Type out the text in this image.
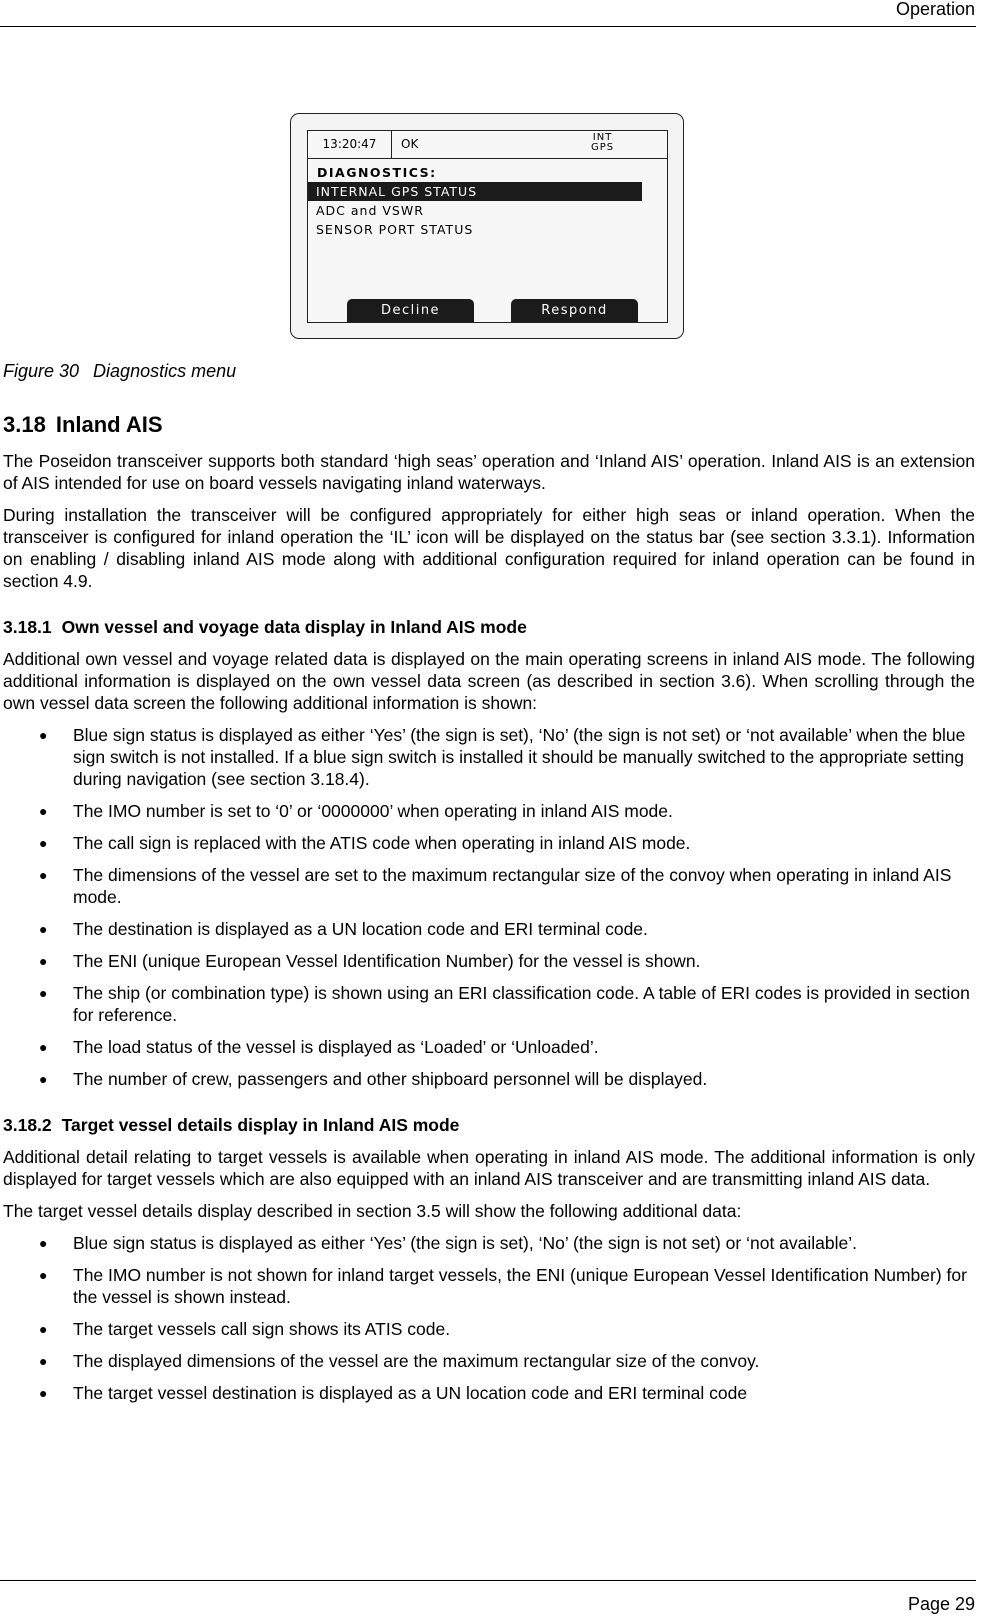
Operation
13:20:47	OK	INT
GPS
DIAGNOSTICS:
INTERNAL GPS STATUS
ADC and VSWR
SENSOR PORT STATUS
Decline	Respond
Figure 30 Diagnostics menu
3.18 Inland AIS

The Poseidon transceiver supports both standard ‘high seas’ operation and ‘Inland AIS’ operation. Inland AIS is an extension of AIS intended for use on board vessels navigating inland waterways.

During installation the transceiver will be configured appropriately for either high seas or inland operation. When the transceiver is configured for inland operation the ‘IL’ icon will be displayed on the status bar (see section 3.3.1). Information on enabling / disabling inland AIS mode along with additional configuration required for inland operation can be found in section 4.9.

3.18.1 Own vessel and voyage data display in Inland AIS mode

Additional own vessel and voyage related data is displayed on the main operating screens in inland AIS mode. The following additional information is displayed on the own vessel data screen (as described in section 3.6). When scrolling through the own vessel data screen the following additional information is shown:

● Blue sign status is displayed as either ‘Yes’ (the sign is set), ‘No’ (the sign is not set) or ‘not available’ when the blue sign switch is not installed. If a blue sign switch is installed it should be manually switched to the appropriate setting during navigation (see section 3.18.4).
● The IMO number is set to ‘0’ or ‘0000000’ when operating in inland AIS mode.
● The call sign is replaced with the ATIS code when operating in inland AIS mode.
● The dimensions of the vessel are set to the maximum rectangular size of the convoy when operating in inland AIS mode.
● The destination is displayed as a UN location code and ERI terminal code.
● The ENI (unique European Vessel Identification Number) for the vessel is shown.
● The ship (or combination type) is shown using an ERI classification code. A table of ERI codes is provided in section for reference.
● The load status of the vessel is displayed as ‘Loaded’ or ‘Unloaded’.
● The number of crew, passengers and other shipboard personnel will be displayed.
3.18.2 Target vessel details display in Inland AIS mode

Additional detail relating to target vessels is available when operating in inland AIS mode. The additional information is only displayed for target vessels which are also equipped with an inland AIS transceiver and are transmitting inland AIS data.

The target vessel details display described in section 3.5 will show the following additional data:

● Blue sign status is displayed as either ‘Yes’ (the sign is set), ‘No’ (the sign is not set) or ‘not available’.
● The IMO number is not shown for inland target vessels, the ENI (unique European Vessel Identification Number) for the vessel is shown instead.
● The target vessels call sign shows its ATIS code.
● The displayed dimensions of the vessel are the maximum rectangular size of the convoy.
● The target vessel destination is displayed as a UN location code and ERI terminal code
Page 29
